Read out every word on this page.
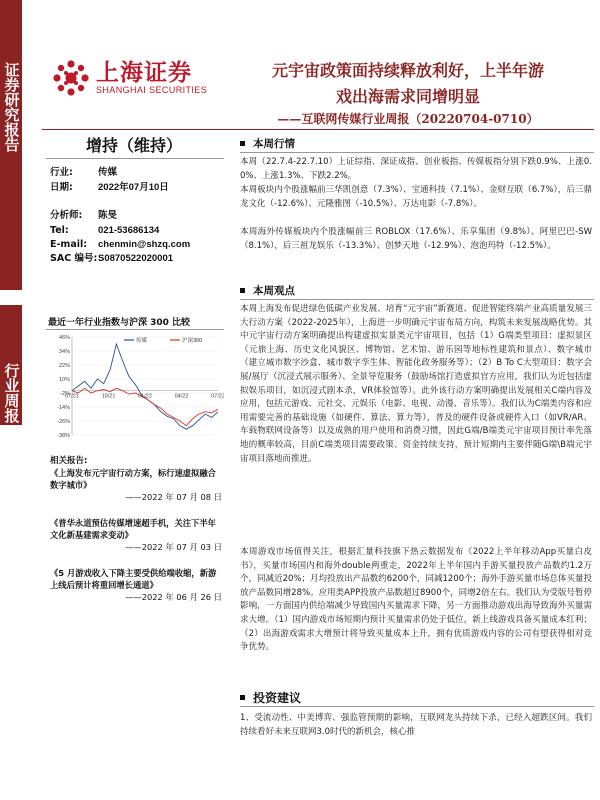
证券研究报告
行业周报
上海证券
SHANGHAI SECURITIES
元宇宙政策面持续释放利好，上半年游
戏出海需求同增明显
——互联网传媒行业周报（20220704-0710）
增持（维持）
行业:	传媒
日期:	2022年07月10日
分析师: 陈旻
Tel:	021-53686134
E-mail: chenmin@shzq.com
SAC 编号:S0870522020001
最近一年行业指数与沪深 300 比较
46%
34%
22%
10%
-2%
-14%
-26%
-38%
07/21	10/21	01/22	04/22	07/22
传媒	沪深300
相关报告:
《上海发布元宇宙行动方案，标行速虚拟融合数字城市》
——2022 年 07 月 08 日
《普华永道预估传媒增速超手机，关注下半年文化新基建需求变动》
——2022 年 07 月 03 日
《5 月游戏收入下降主要受供给端收缩，新游上线后预计将重回增长通道》
——2022 年 06 月 26 日
本周行情
本周（22.7.4-22.7.10）上证综指、深证成指、创业板指、传媒板指分别下跌0.9%、上涨0.0%、上涨1.3%、下跌2.2%。
本周板块内个股涨幅前三华凯创意（7.3%）、宝通科技（7.1%）、金财互联（6.7%），后三鼎龙文化（-12.6%）、元隆雅图（-10.5%）、万达电影（-7.8%）。
本周海外传媒板块内个股涨幅前三 ROBLOX（17.6%）、乐享集团（9.8%）、阿里巴巴-SW（8.1%），后三祖龙娱乐（-13.3%）、创梦天地（-12.9%）、泡泡玛特（-12.5%）。
本周观点
本周上海发布促进绿色低碳产业发展、培育“元宇宙”新赛道、促进智能终端产业高质量发展三大行动方案（2022-2025年），上海进一步明确元宇宙布局方向，构筑未来发展战略优势。其中元宇宙行动方案明确提出构建虚拟实景类元宇宙项目，包括（1）G端类型项目：虚拟景区（元旅上海、历史文化风貌区、博物馆、艺术馆、游乐园等地标性建筑和景点）、数字城市（建立城市数字沙盒、城市数字孪生体、智能化政务服务等）；（2）B To C大型项目：数字会展/展厅（沉浸式展示服务）、全景导览服务（鼓励场馆打造虚拟官方应用，我们认为近包括虚拟娱乐项目，如沉浸式剧本杀，VR体验馆等）。此外该行动方案明确提出发展相关C端内容及应用，包括元游戏、元社交、元娱乐（电影、电视、动漫、音乐等）。我们认为C端类内容和应用需要完善的基础设施（如硬件、算法、算力等），普及的硬件设备或硬件入口（如VR/AR、车载物联网设备等）以及成熟的用户使用和消费习惯，因此G端/B端类元宇宙项目预计率先落地的概率较高，目前C端类项目需要政策、资金持续支持，预计短期内主要伴随G端\B端元宇宙项目落地而推进。
本周游戏市场值得关注，根据汇量科技旗下热云数据发布《2022上半年移动App买量白皮书》，买量市场国内和海外double两重走，2022年上半年国内手游买量投放产品数约1.2万个，同减近20%；月均投放出产品数约6200个，同减1200个；海外手游买量市场总体买量投放产品数同增28%。应用类APP投放产品数超过8900个，同增2倍左右。我们认为受版号暂停影响，一方面国内供给端减少导致国内买量需求下降，另一方面推动游戏出海导致海外买量需求大增。（1）国内游戏市场短期内预计买量需求仍处于低位，新上线游戏具备买量成本红利；（2）出海游戏需求大增预计将导致买量成本上升，拥有优质游戏内容的公司有望获得相对竞争优势。
投资建议
1、受流动性、中美博弈、强监管预期的影响，互联网龙头持续下杀，已经入超跌区间。我们持续看好未来互联网3.0时代的新机会，核心推
